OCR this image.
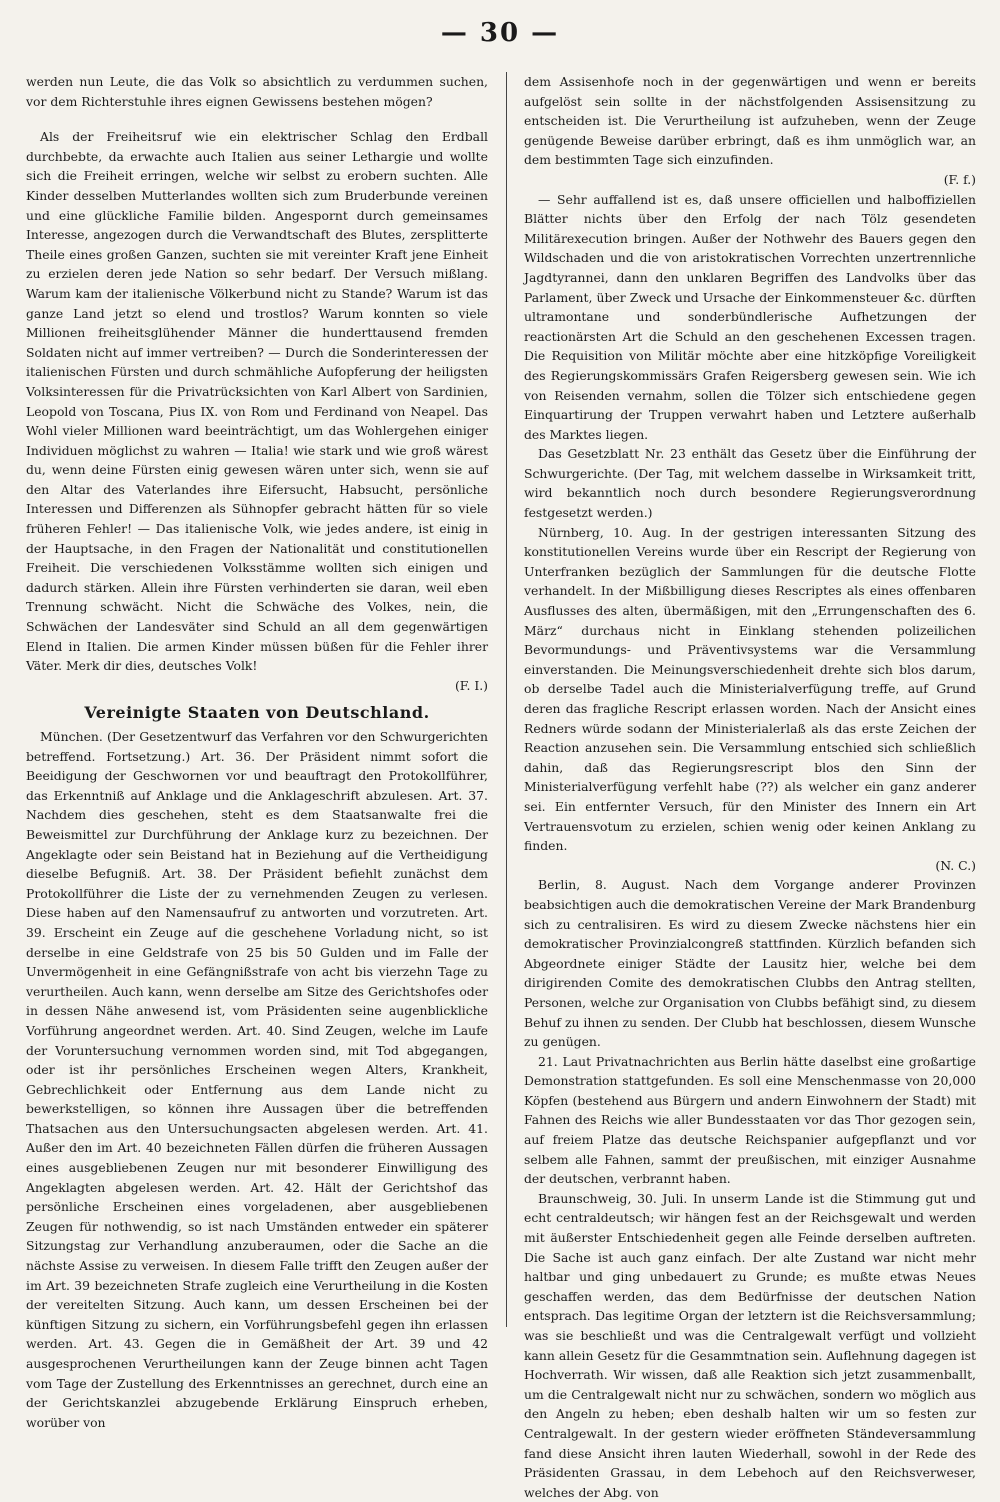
— 30 —

werden nun Leute, die das Volk so absichtlich zu verdummen suchen, vor dem Richterstuhle ihres eignen Gewissens bestehen mögen?

Als der Freiheitsruf wie ein elektrischer Schlag den Erdball durchbebte, da erwachte auch Italien aus seiner Lethargie und wollte sich die Freiheit erringen, welche wir selbst zu erobern suchten. Alle Kinder desselben Mutterlandes wollten sich zum Bruderbunde vereinen und eine glückliche Familie bilden. Angespornt durch gemeinsames Interesse, angezogen durch die Verwandtschaft des Blutes, zersplitterte Theile eines großen Ganzen, suchten sie mit vereinter Kraft jene Einheit zu erzielen deren jede Nation so sehr bedarf. Der Versuch mißlang. Warum kam der italienische Völkerbund nicht zu Stande? Warum ist das ganze Land jetzt so elend und trostlos? Warum konnten so viele Millionen freiheitsglühender Männer die hunderttausend fremden Soldaten nicht auf immer vertreiben? — Durch die Sonderinteressen der italienischen Fürsten und durch schmähliche Aufopferung der heiligsten Volksinteressen für die Privatrücksichten von Karl Albert von Sardinien, Leopold von Toscana, Pius IX. von Rom und Ferdinand von Neapel. Das Wohl vieler Millionen ward beeinträchtigt, um das Wohlergehen einiger Individuen möglichst zu wahren — Italia! wie stark und wie groß wärest du, wenn deine Fürsten einig gewesen wären unter sich, wenn sie auf den Altar des Vaterlandes ihre Eifersucht, Habsucht, persönliche Interessen und Differenzen als Sühnopfer gebracht hätten für so viele früheren Fehler! — Das italienische Volk, wie jedes andere, ist einig in der Hauptsache, in den Fragen der Nationalität und constitutionellen Freiheit. Die verschiedenen Volksstämme wollten sich einigen und dadurch stärken. Allein ihre Fürsten verhinderten sie daran, weil eben Trennung schwächt. Nicht die Schwäche des Volkes, nein, die Schwächen der Landesväter sind Schuld an all dem gegenwärtigen Elend in Italien. Die armen Kinder müssen büßen für die Fehler ihrer Väter. Merk dir dies, deutsches Volk!

(F. I.)
Vereinigte Staaten von Deutschland.

München. (Der Gesetzentwurf das Verfahren vor den Schwurgerichten betreffend. Fortsetzung.) Art. 36. Der Präsident nimmt sofort die Beeidigung der Geschwornen vor und beauftragt den Protokollführer, das Erkenntniß auf Anklage und die Anklageschrift abzulesen. Art. 37. Nachdem dies geschehen, steht es dem Staatsanwalte frei die Beweismittel zur Durchführung der Anklage kurz zu bezeichnen. Der Angeklagte oder sein Beistand hat in Beziehung auf die Vertheidigung dieselbe Befugniß. Art. 38. Der Präsident befiehlt zunächst dem Protokollführer die Liste der zu vernehmenden Zeugen zu verlesen. Diese haben auf den Namensaufruf zu antworten und vorzutreten. Art. 39. Erscheint ein Zeuge auf die geschehene Vorladung nicht, so ist derselbe in eine Geldstrafe von 25 bis 50 Gulden und im Falle der Unvermögenheit in eine Gefängnißstrafe von acht bis vierzehn Tage zu verurtheilen. Auch kann, wenn derselbe am Sitze des Gerichtshofes oder in dessen Nähe anwesend ist, vom Präsidenten seine augenblickliche Vorführung angeordnet werden. Art. 40. Sind Zeugen, welche im Laufe der Voruntersuchung vernommen worden sind, mit Tod abgegangen, oder ist ihr persönliches Erscheinen wegen Alters, Krankheit, Gebrechlichkeit oder Entfernung aus dem Lande nicht zu bewerkstelligen, so können ihre Aussagen über die betreffenden Thatsachen aus den Untersuchungsacten abgelesen werden. Art. 41. Außer den im Art. 40 bezeichneten Fällen dürfen die früheren Aussagen eines ausgebliebenen Zeugen nur mit besonderer Einwilligung des Angeklagten abgelesen werden. Art. 42. Hält der Gerichtshof das persönliche Erscheinen eines vorgeladenen, aber ausgebliebenen Zeugen für nothwendig, so ist nach Umständen entweder ein späterer Sitzungstag zur Verhandlung anzuberaumen, oder die Sache an die nächste Assise zu verweisen. In diesem Falle trifft den Zeugen außer der im Art. 39 bezeichneten Strafe zugleich eine Verurtheilung in die Kosten der vereitelten Sitzung. Auch kann, um dessen Erscheinen bei der künftigen Sitzung zu sichern, ein Vorführungsbefehl gegen ihn erlassen werden. Art. 43. Gegen die in Gemäßheit der Art. 39 und 42 ausgesprochenen Verurtheilungen kann der Zeuge binnen acht Tagen vom Tage der Zustellung des Erkenntnisses an gerechnet, durch eine an der Gerichtskanzlei abzugebende Erklärung Einspruch erheben, worüber von

dem Assisenhofe noch in der gegenwärtigen und wenn er bereits aufgelöst sein sollte in der nächstfolgenden Assisensitzung zu entscheiden ist. Die Verurtheilung ist aufzuheben, wenn der Zeuge genügende Beweise darüber erbringt, daß es ihm unmöglich war, an dem bestimmten Tage sich einzufinden.

(F. f.)

— Sehr auffallend ist es, daß unsere officiellen und halboffiziellen Blätter nichts über den Erfolg der nach Tölz gesendeten Militärexecution bringen. Außer der Nothwehr des Bauers gegen den Wildschaden und die von aristokratischen Vorrechten unzertrennliche Jagdtyrannei, dann den unklaren Begriffen des Landvolks über das Parlament, über Zweck und Ursache der Einkommensteuer &c. dürften ultramontane und sonderbündlerische Aufhetzungen der reactionärsten Art die Schuld an den geschehenen Excessen tragen. Die Requisition von Militär möchte aber eine hitzköpfige Voreiligkeit des Regierungskommissärs Grafen Reigersberg gewesen sein. Wie ich von Reisenden vernahm, sollen die Tölzer sich entschiedene gegen Einquartirung der Truppen verwahrt haben und Letztere außerhalb des Marktes liegen.

Das Gesetzblatt Nr. 23 enthält das Gesetz über die Einführung der Schwurgerichte. (Der Tag, mit welchem dasselbe in Wirksamkeit tritt, wird bekanntlich noch durch besondere Regierungsverordnung festgesetzt werden.)

Nürnberg, 10. Aug. In der gestrigen interessanten Sitzung des konstitutionellen Vereins wurde über ein Rescript der Regierung von Unterfranken bezüglich der Sammlungen für die deutsche Flotte verhandelt. In der Mißbilligung dieses Rescriptes als eines offenbaren Ausflusses des alten, übermäßigen, mit den „Errungenschaften des 6. März“ durchaus nicht in Einklang stehenden polizeilichen Bevormundungs- und Präventivsystems war die Versammlung einverstanden. Die Meinungsverschiedenheit drehte sich blos darum, ob derselbe Tadel auch die Ministerialverfügung treffe, auf Grund deren das fragliche Rescript erlassen worden. Nach der Ansicht eines Redners würde sodann der Ministerialerlaß als das erste Zeichen der Reaction anzusehen sein. Die Versammlung entschied sich schließlich dahin, daß das Regierungsrescript blos den Sinn der Ministerialverfügung verfehlt habe (??) als welcher ein ganz anderer sei. Ein entfernter Versuch, für den Minister des Innern ein Art Vertrauensvotum zu erzielen, schien wenig oder keinen Anklang zu finden.

(N. C.)

Berlin, 8. August. Nach dem Vorgange anderer Provinzen beabsichtigen auch die demokratischen Vereine der Mark Brandenburg sich zu centralisiren. Es wird zu diesem Zwecke nächstens hier ein demokratischer Provinzialcongreß stattfinden. Kürzlich befanden sich Abgeordnete einiger Städte der Lausitz hier, welche bei dem dirigirenden Comite des demokratischen Clubbs den Antrag stellten, Personen, welche zur Organisation von Clubbs befähigt sind, zu diesem Behuf zu ihnen zu senden. Der Clubb hat beschlossen, diesem Wunsche zu genügen.

21. Laut Privatnachrichten aus Berlin hätte daselbst eine großartige Demonstration stattgefunden. Es soll eine Menschenmasse von 20,000 Köpfen (bestehend aus Bürgern und andern Einwohnern der Stadt) mit Fahnen des Reichs wie aller Bundesstaaten vor das Thor gezogen sein, auf freiem Platze das deutsche Reichspanier aufgepflanzt und vor selbem alle Fahnen, sammt der preußischen, mit einziger Ausnahme der deutschen, verbrannt haben.

Braunschweig, 30. Juli. In unserm Lande ist die Stimmung gut und echt centraldeutsch; wir hängen fest an der Reichsgewalt und werden mit äußerster Entschiedenheit gegen alle Feinde derselben auftreten. Die Sache ist auch ganz einfach. Der alte Zustand war nicht mehr haltbar und ging unbedauert zu Grunde; es mußte etwas Neues geschaffen werden, das dem Bedürfnisse der deutschen Nation entsprach. Das legitime Organ der letztern ist die Reichsversammlung; was sie beschließt und was die Centralgewalt verfügt und vollzieht kann allein Gesetz für die Gesammtnation sein. Auflehnung dagegen ist Hochverrath. Wir wissen, daß alle Reaktion sich jetzt zusammenballt, um die Centralgewalt nicht nur zu schwächen, sondern wo möglich aus den Angeln zu heben; eben deshalb halten wir um so festen zur Centralgewalt. In der gestern wieder eröffneten Ständeversammlung fand diese Ansicht ihren lauten Wiederhall, sowohl in der Rede des Präsidenten Grassau, in dem Lebehoch auf den Reichsverweser, welches der Abg. von
